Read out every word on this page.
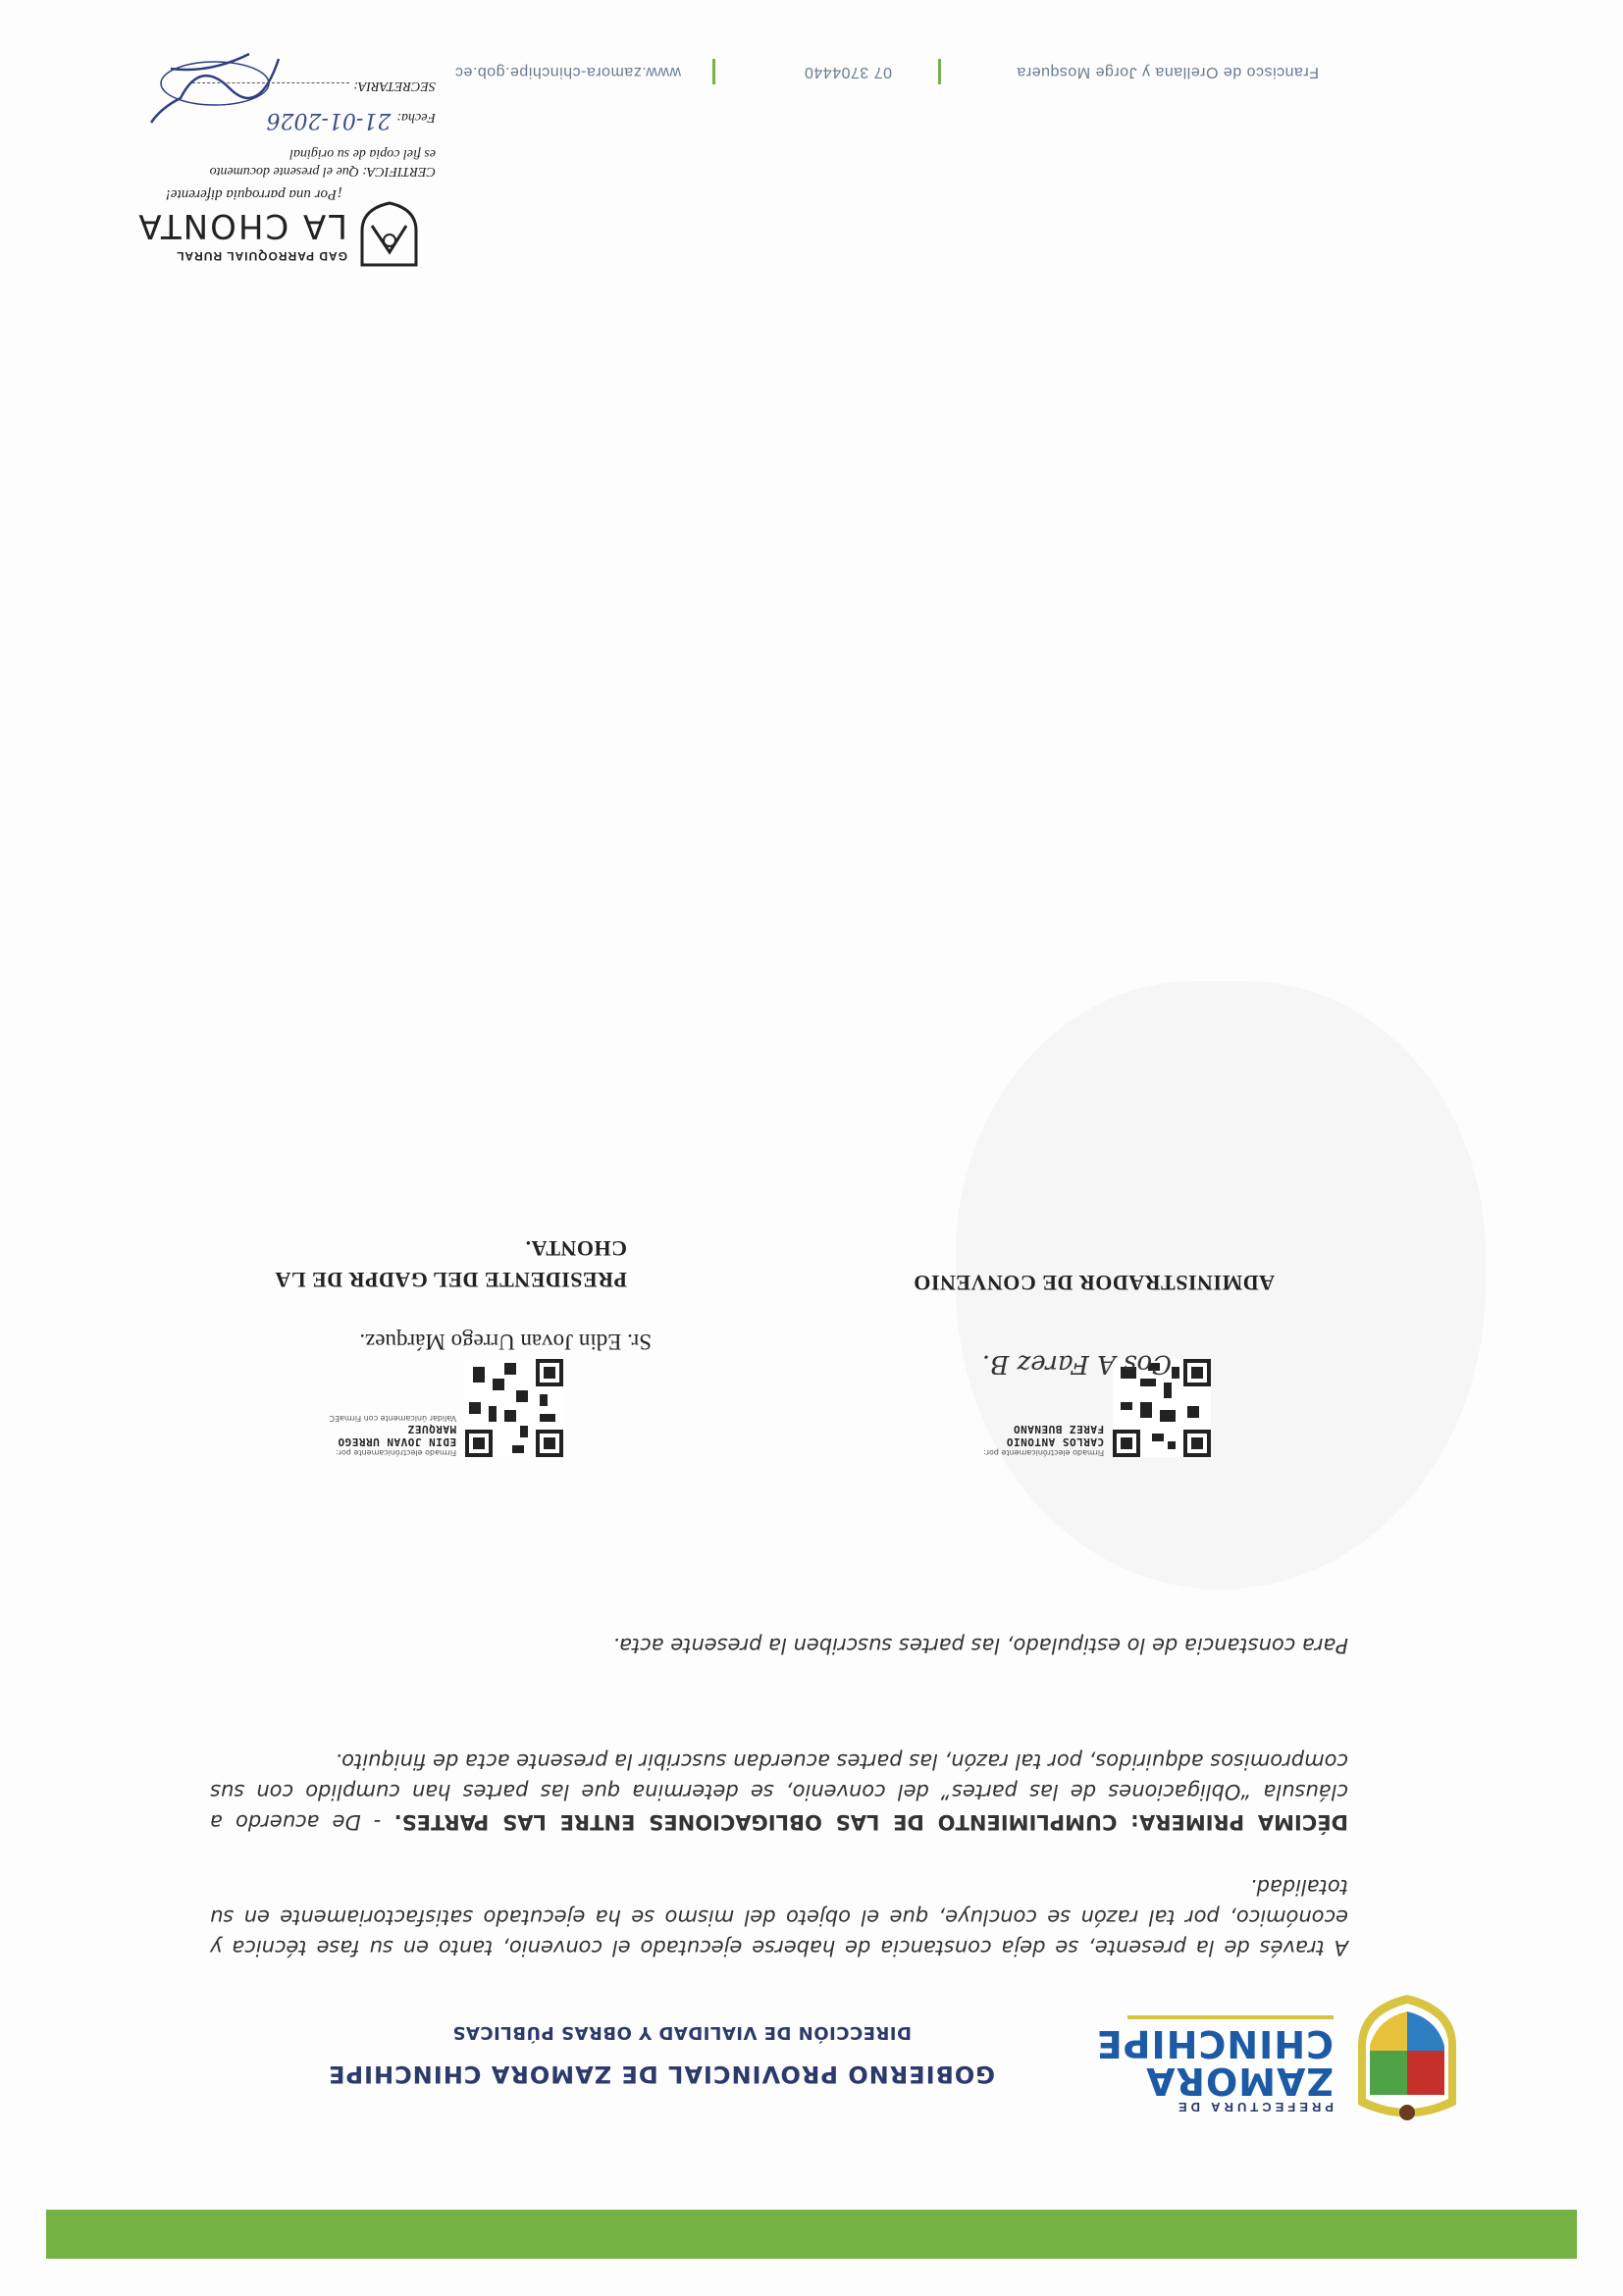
PREFECTURA DE
ZAMORA
CHINCHIPE
GOBIERNO PROVINCIAL DE ZAMORA CHINCHIPE
DIRECCIÓN DE VIALIDAD Y OBRAS PÚBLICAS

A través de la presente, se deja constancia de haberse ejecutado el convenio, tanto en su fase técnica y económico, por tal razón se concluye, que el objeto del mismo se ha ejecutado satisfactoriamente en su totalidad.

DÉCIMA PRIMERA: CUMPLIMIENTO DE LAS OBLIGACIONES ENTRE LAS PARTES. - De acuerdo a cláusula “Obligaciones de las partes” del convenio, se determina que las partes han cumplido con sus compromisos adquiridos, por tal razón, las partes acuerdan suscribir la presente acta de finiquito.

Para constancia de lo estipulado, las partes suscriben la presente acta.

Firmado electrónicamente por:
CARLOS ANTONIO
FAREZ BUENANO
Cos A Farez B.

Firmado electrónicamente por:
EDIN JOVAN URREGO
MARQUEZ
Validar únicamente con FirmaEC
Sr. Edin Jovan Urrego Márquez.
ADMINISTRADOR DE CONVENIO
PRESIDENTE DEL GADPR DE LA CHONTA.
GAD PARROQUIAL RURAL
LA CHONTA
¡Por una parroquia diferente!
CERTIFICA: Que el presente documento es fiel copia de su original
Fecha:21-01-2026
SECRETARIA:
Francisco de Orellana y Jorge Mosquera
07 3704440
www.zamora-chinchipe.gob.ec
